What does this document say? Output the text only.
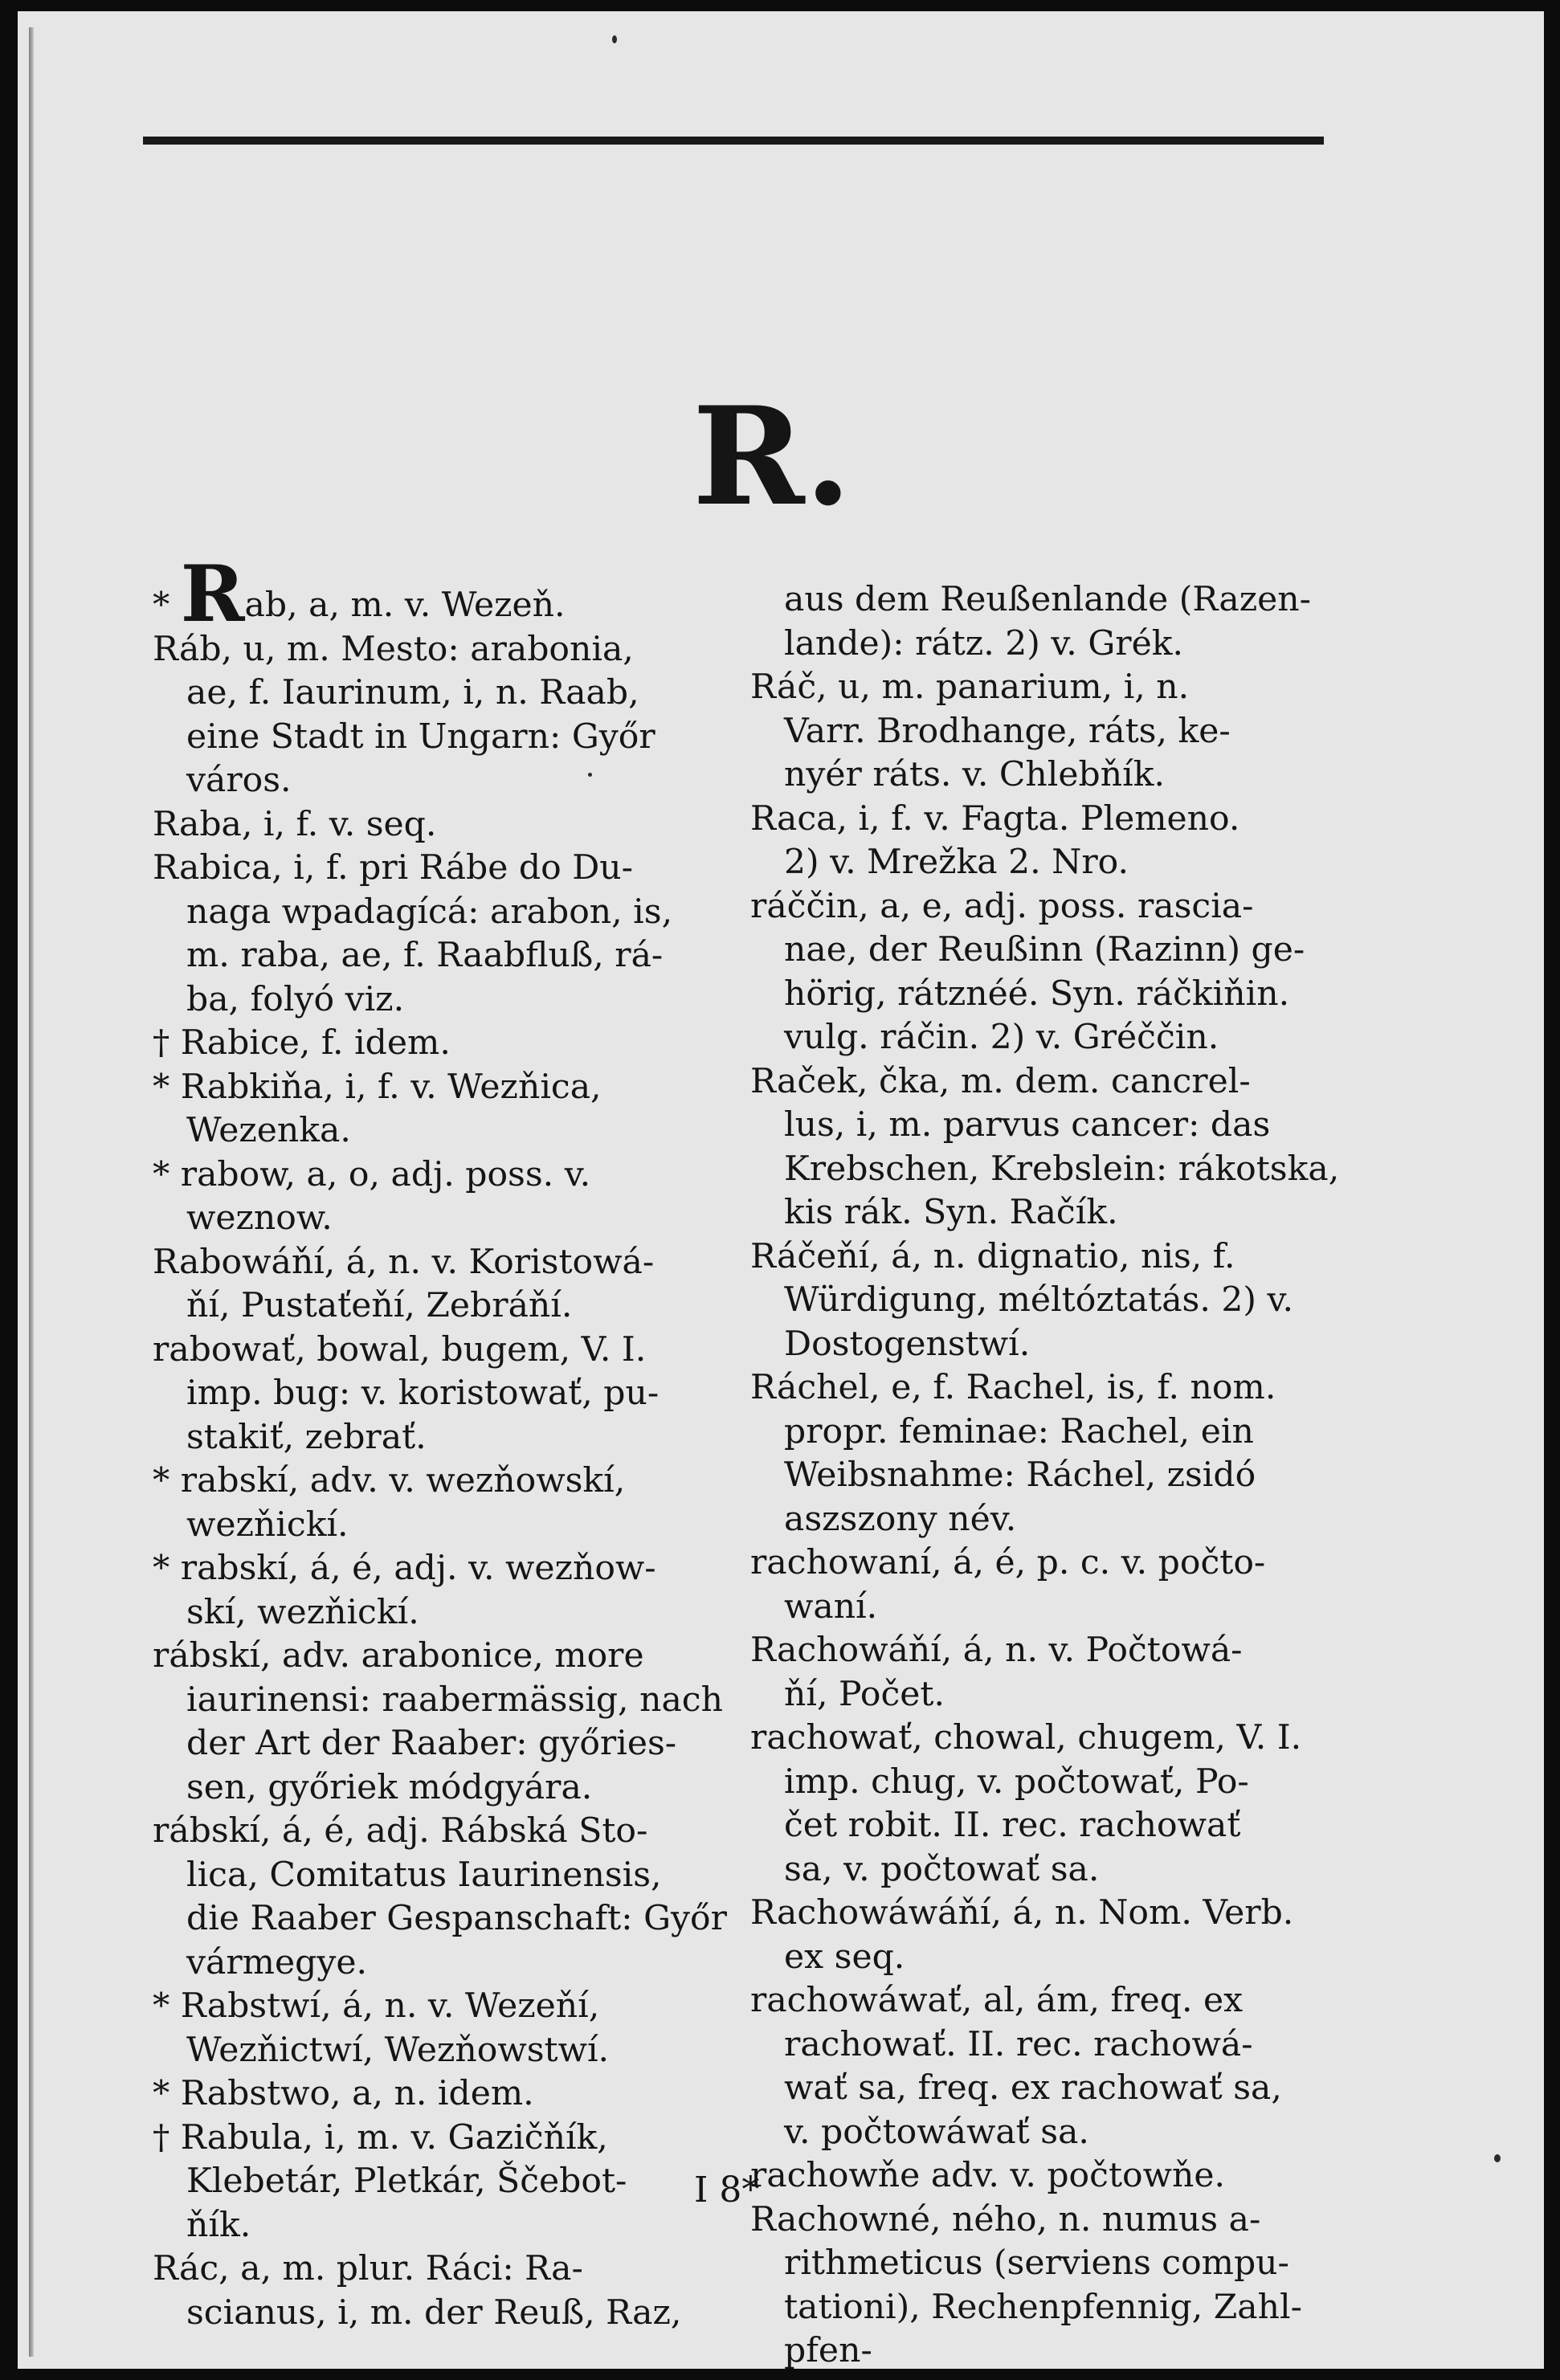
R.
* Rab, a, m. v. Wezeň.
Ráb, u, m. Mesto: arabonia,
ae, f. Iaurinum, i, n. Raab,
eine Stadt in Ungarn: Győr
város.
Raba, i, f. v. seq.
Rabica, i, f. pri Rábe do Du-
naga wpadagícá: arabon, is,
m. raba, ae, f. Raabfluß, rá-
ba, folyó viz.
† Rabice, f. idem.
* Rabkiňa, i, f. v. Wezňica,
Wezenka.
* rabow, a, o, adj. poss. v.
weznow.
Rabowáňí, á, n. v. Koristowá-
ňí, Pustaťeňí, Zebráňí.
rabowať, bowal, bugem, V. I.
imp. bug: v. koristowať, pu-
stakiť, zebrať.
* rabskí, adv. v. wezňowskí,
wezňickí.
* rabskí, á, é, adj. v. wezňow-
skí, wezňickí.
rábskí, adv. arabonice, more
iaurinensi: raabermässig, nach
der Art der Raaber: győries-
sen, győriek módgyára.
rábskí, á, é, adj. Rábská Sto-
lica, Comitatus Iaurinensis,
die Raaber Gespanschaft: Győr
vármegye.
* Rabstwí, á, n. v. Wezeňí,
Wezňictwí, Wezňowstwí.
* Rabstwo, a, n. idem.
† Rabula, i, m. v. Gazičňík,
Klebetár, Pletkár, Ščebot-
ňík.
Rác, a, m. plur. Ráci: Ra-
scianus, i, m. der Reuß, Raz,
aus dem Reußenlande (Razen-
lande): rátz. 2) v. Grék.
Ráč, u, m. panarium, i, n.
Varr. Brodhange, ráts, ke-
nyér ráts. v. Chlebňík.
Raca, i, f. v. Fagta. Plemeno.
2) v. Mrežka 2. Nro.
ráččin, a, e, adj. poss. rascia-
nae, der Reußinn (Razinn) ge-
hörig, rátznéé. Syn. ráčkiňin.
vulg. ráčin. 2) v. Gréččin.
Raček, čka, m. dem. cancrel-
lus, i, m. parvus cancer: das
Krebschen, Krebslein: rákotska,
kis rák. Syn. Račík.
Ráčeňí, á, n. dignatio, nis, f.
Würdigung, méltóztatás. 2) v.
Dostogenstwí.
Ráchel, e, f. Rachel, is, f. nom.
propr. feminae: Rachel, ein
Weibsnahme: Ráchel, zsidó
aszszony név.
rachowaní, á, é, p. c. v. počto-
waní.
Rachowáňí, á, n. v. Počtowá-
ňí, Počet.
rachowať, chowal, chugem, V. I.
imp. chug, v. počtowať, Po-
čet robit. II. rec. rachowať
sa, v. počtowať sa.
Rachowáwáňí, á, n. Nom. Verb.
ex seq.
rachowáwať, al, ám, freq. ex
rachowať. II. rec. rachowá-
wať sa, freq. ex rachowať sa,
v. počtowáwať sa.
rachowňe adv. v. počtowňe.
Rachowné, ného, n. numus a-
rithmeticus (serviens compu-
tationi), Rechenpfennig, Zahl-
pfen-
I 8*
